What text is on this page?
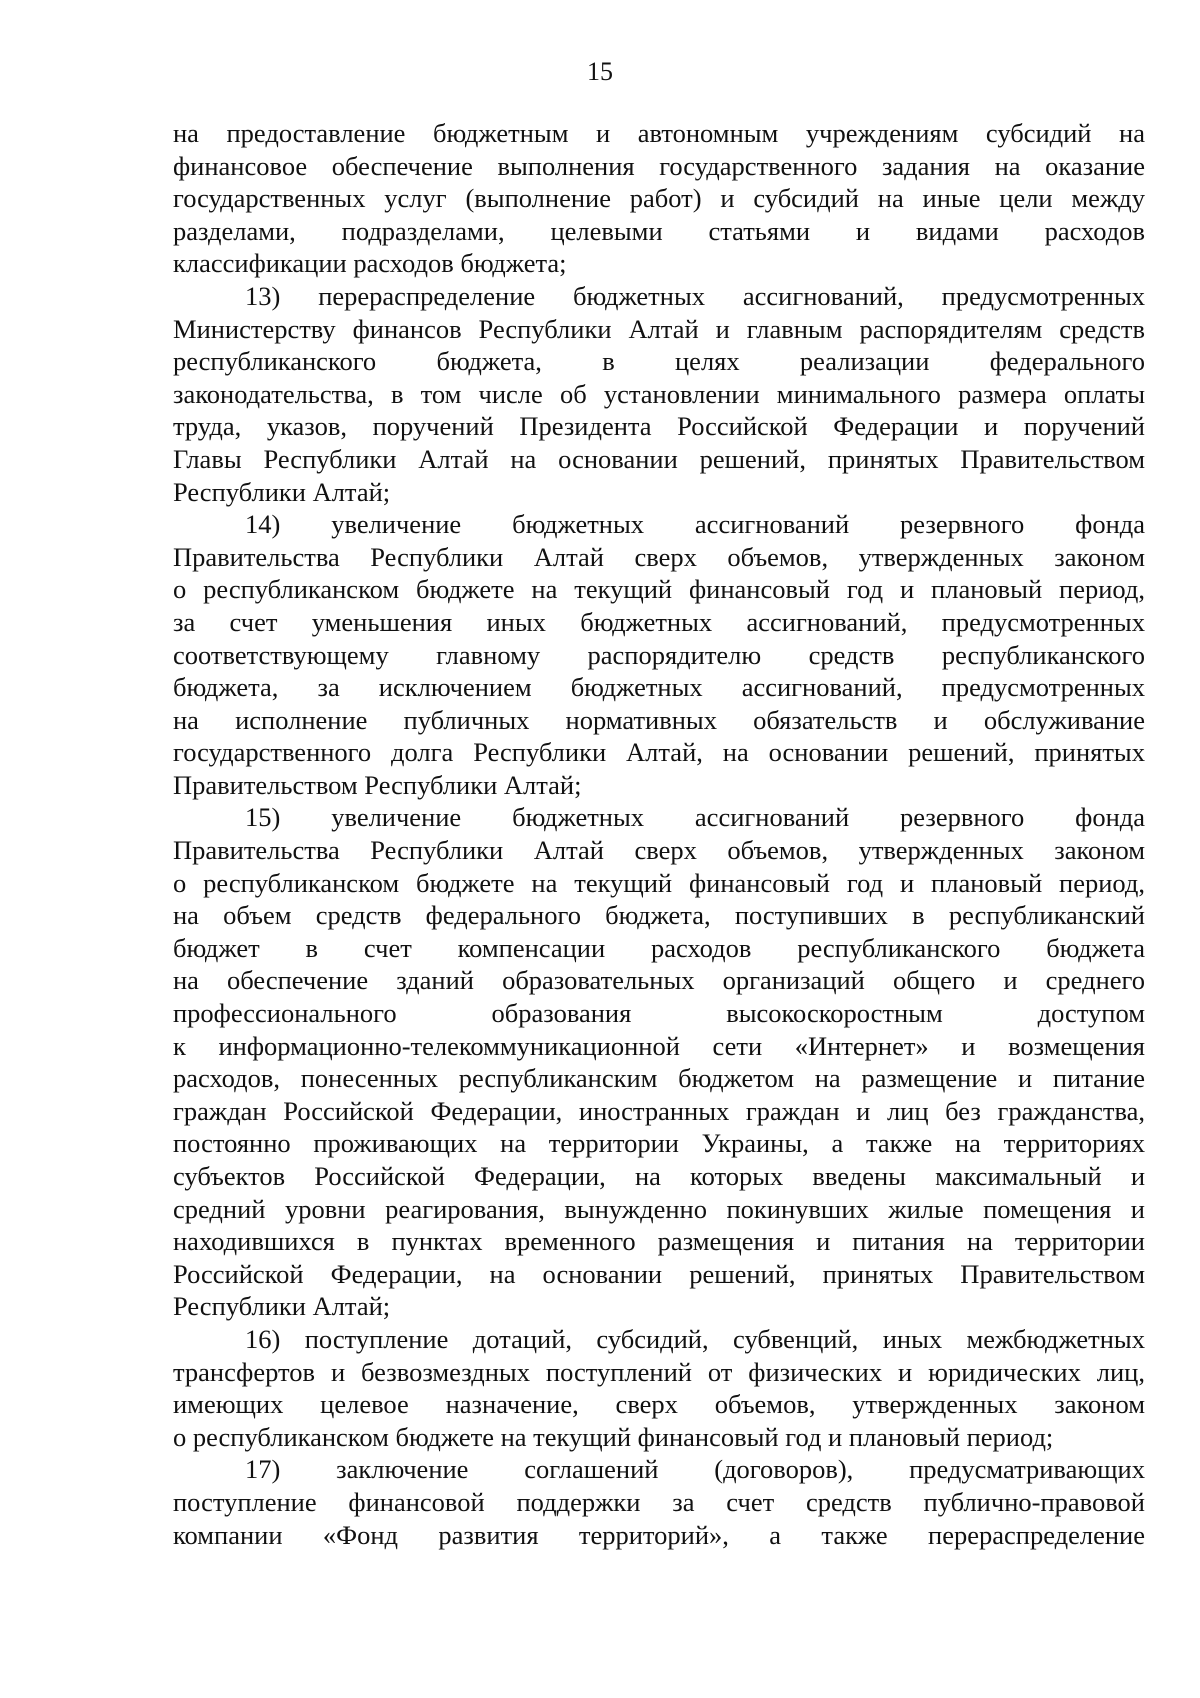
15
на предоставление бюджетным и автономным учреждениям субсидий на
финансовое обеспечение выполнения государственного задания на оказание
государственных услуг (выполнение работ) и субсидий на иные цели между
разделами, подразделами, целевыми статьями и видами расходов
классификации расходов бюджета;
13) перераспределение бюджетных ассигнований, предусмотренных
Министерству финансов Республики Алтай и главным распорядителям средств
республиканского бюджета, в целях реализации федерального
законодательства, в том числе об установлении минимального размера оплаты
труда, указов, поручений Президента Российской Федерации и поручений
Главы Республики Алтай на основании решений, принятых Правительством
Республики Алтай;
14) увеличение бюджетных ассигнований резервного фонда
Правительства Республики Алтай сверх объемов, утвержденных законом
о республиканском бюджете на текущий финансовый год и плановый период,
за счет уменьшения иных бюджетных ассигнований, предусмотренных
соответствующему главному распорядителю средств республиканского
бюджета, за исключением бюджетных ассигнований, предусмотренных
на исполнение публичных нормативных обязательств и обслуживание
государственного долга Республики Алтай, на основании решений, принятых
Правительством Республики Алтай;
15) увеличение бюджетных ассигнований резервного фонда
Правительства Республики Алтай сверх объемов, утвержденных законом
о республиканском бюджете на текущий финансовый год и плановый период,
на объем средств федерального бюджета, поступивших в республиканский
бюджет в счет компенсации расходов республиканского бюджета
на обеспечение зданий образовательных организаций общего и среднего
профессионального образования высокоскоростным доступом
к информационно-телекоммуникационной сети «Интернет» и возмещения
расходов, понесенных республиканским бюджетом на размещение и питание
граждан Российской Федерации, иностранных граждан и лиц без гражданства,
постоянно проживающих на территории Украины, а также на территориях
субъектов Российской Федерации, на которых введены максимальный и
средний уровни реагирования, вынужденно покинувших жилые помещения и
находившихся в пунктах временного размещения и питания на территории
Российской Федерации, на основании решений, принятых Правительством
Республики Алтай;
16) поступление дотаций, субсидий, субвенций, иных межбюджетных
трансфертов и безвозмездных поступлений от физических и юридических лиц,
имеющих целевое назначение, сверх объемов, утвержденных законом
о республиканском бюджете на текущий финансовый год и плановый период;
17) заключение соглашений (договоров), предусматривающих
поступление финансовой поддержки за счет средств публично-правовой
компании «Фонд развития территорий», а также перераспределение
